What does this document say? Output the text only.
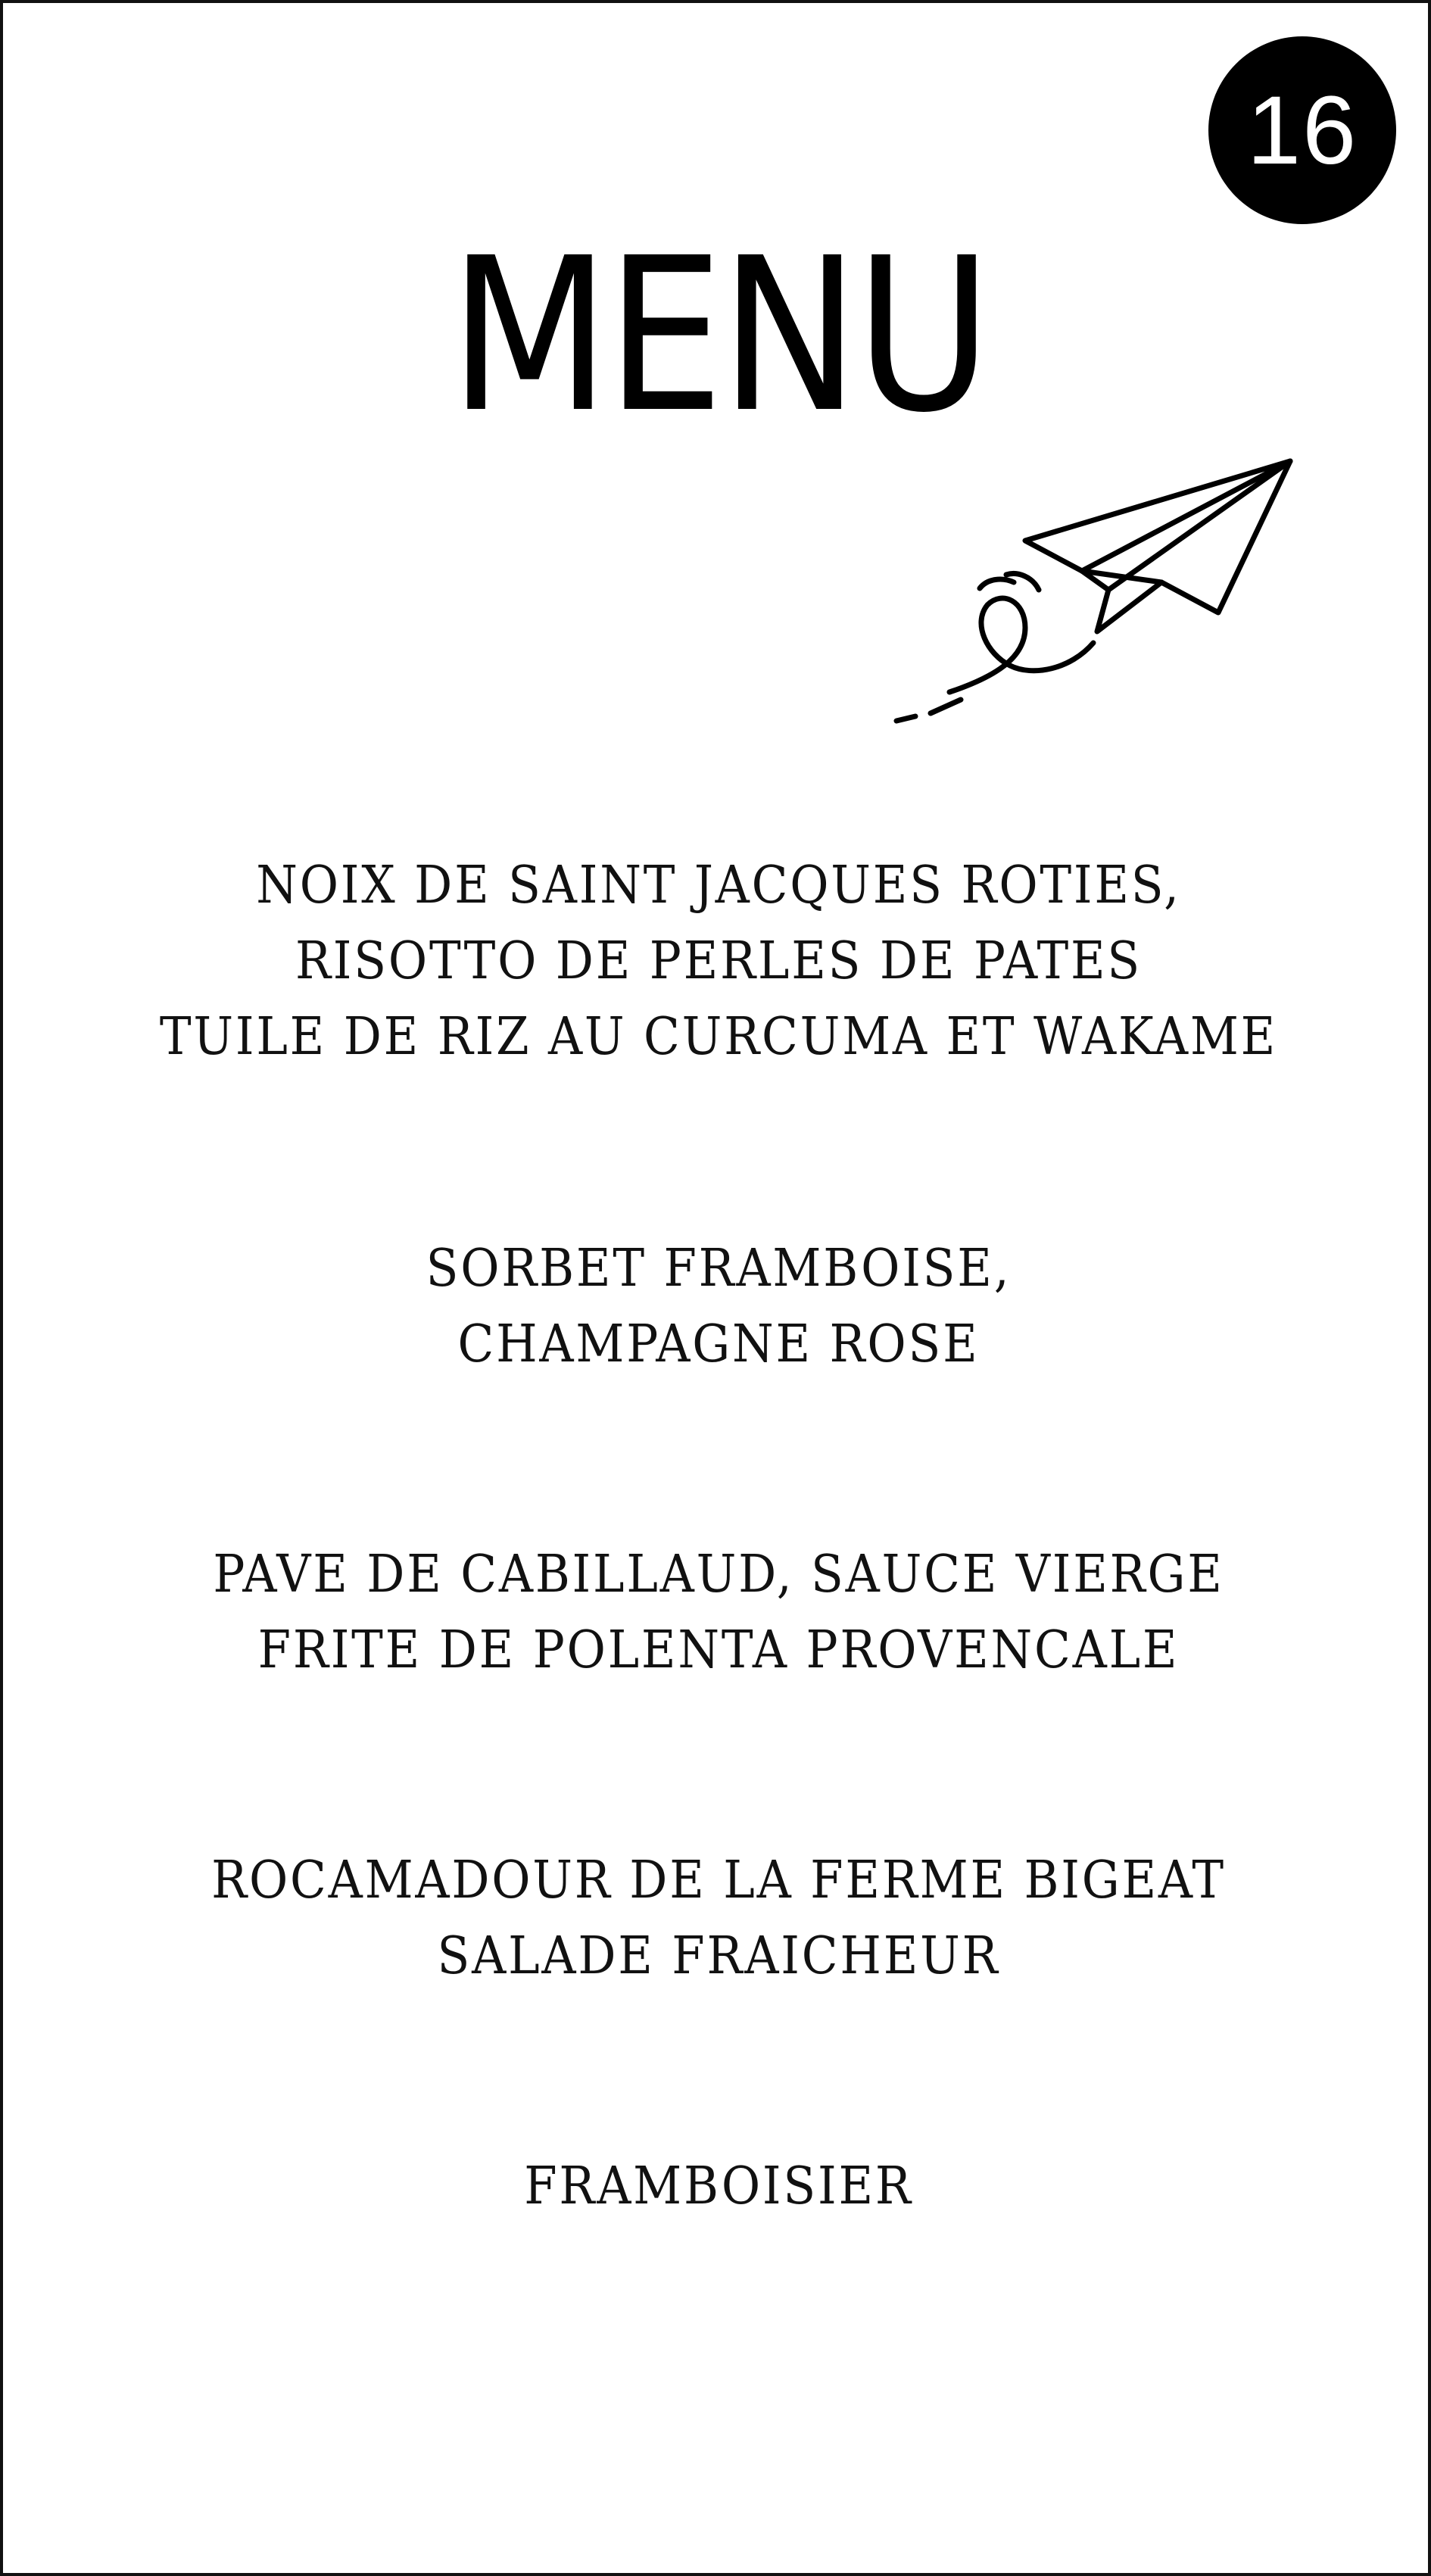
16
MENU
NOIX DE SAINT JACQUES ROTIES,
RISOTTO DE PERLES DE PATES
TUILE DE RIZ AU CURCUMA ET WAKAME
SORBET FRAMBOISE,
CHAMPAGNE ROSE
PAVE DE CABILLAUD, SAUCE VIERGE
FRITE DE POLENTA PROVENCALE
ROCAMADOUR DE LA FERME BIGEAT
SALADE FRAICHEUR
FRAMBOISIER
